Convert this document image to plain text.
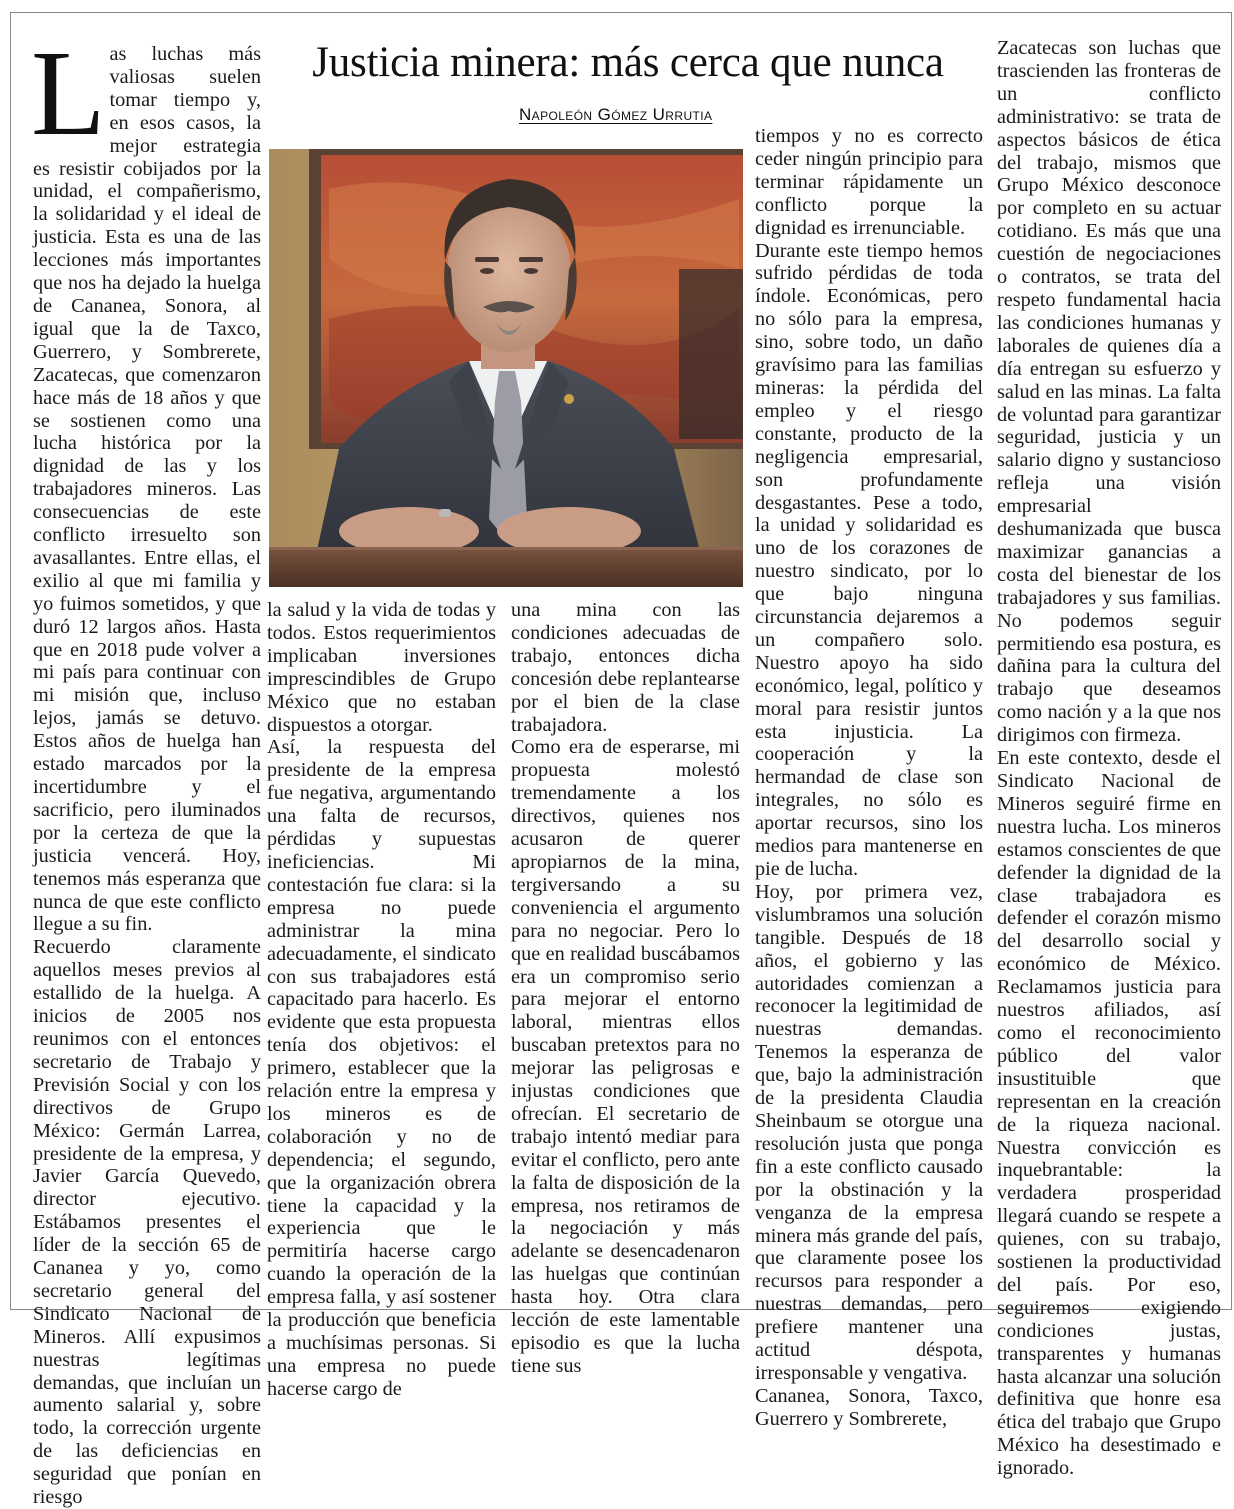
L as luchas más valiosas suelen tomar tiempo y, en esos casos, la mejor estrategia es resistir cobijados por la unidad, el compañerismo, la solidaridad y el ideal de justicia. Esta es una de las lecciones más importantes que nos ha dejado la huelga de Cananea, Sonora, al igual que la de Taxco, Guerrero, y Sombrerete, Zacatecas, que comenzaron hace más de 18 años y que se sostienen como una lucha histórica por la dignidad de las y los trabajadores mineros. Las consecuencias de este conflicto irresuelto son avasallantes. Entre ellas, el exilio al que mi familia y yo fuimos sometidos, y que duró 12 largos años. Hasta que en 2018 pude volver a mi país para continuar con mi misión que, incluso lejos, jamás se detuvo. Estos años de huelga han estado marcados por la incertidumbre y el sacrificio, pero iluminados por la certeza de que la justicia vencerá. Hoy, tenemos más esperanza que nunca de que este conflicto llegue a su fin.

Recuerdo claramente aquellos meses previos al estallido de la huelga. A inicios de 2005 nos reunimos con el entonces secretario de Trabajo y Previsión Social y con los directivos de Grupo México: Germán Larrea, presidente de la empresa, y Javier García Quevedo, director ejecutivo. Estábamos presentes el líder de la sección 65 de Cananea y yo, como secretario general del Sindicato Nacional de Mineros. Allí expusimos nuestras legítimas demandas, que incluían un aumento salarial y, sobre todo, la corrección urgente de las deficiencias en seguridad que ponían en riesgo

Justicia minera: más cerca que nunca
Napoleón Gómez Urrutia

la salud y la vida de todas y todos. Estos requerimientos implicaban inversiones imprescindibles de Grupo México que no estaban dispuestos a otorgar.

Así, la respuesta del presidente de la empresa fue negativa, argumentando una falta de recursos, pérdidas y supuestas ineficiencias. Mi contestación fue clara: si la empresa no puede administrar la mina adecuadamente, el sindicato con sus trabajadores está capacitado para hacerlo. Es evidente que esta propuesta tenía dos objetivos: el primero, establecer que la relación entre la empresa y los mineros es de colaboración y no de dependencia; el segundo, que la organización obrera tiene la capacidad y la experiencia que le permitiría hacerse cargo cuando la operación de la empresa falla, y así sostener la producción que beneficia a muchísimas personas. Si una empresa no puede hacerse cargo de

una mina con las condiciones adecuadas de trabajo, entonces dicha concesión debe replantearse por el bien de la clase trabajadora.

Como era de esperarse, mi propuesta molestó tremendamente a los directivos, quienes nos acusaron de querer apropiarnos de la mina, tergiversando a su conveniencia el argumento para no negociar. Pero lo que en realidad buscábamos era un compromiso serio para mejorar el entorno laboral, mientras ellos buscaban pretextos para no mejorar las peligrosas e injustas condiciones que ofrecían. El secretario de trabajo intentó mediar para evitar el conflicto, pero ante la falta de disposición de la empresa, nos retiramos de la negociación y más adelante se desencadenaron las huelgas que continúan hasta hoy. Otra clara lección de este lamentable episodio es que la lucha tiene sus

tiempos y no es correcto ceder ningún principio para terminar rápidamente un conflicto porque la dignidad es irrenunciable.

Durante este tiempo hemos sufrido pérdidas de toda índole. Económicas, pero no sólo para la empresa, sino, sobre todo, un daño gravísimo para las familias mineras: la pérdida del empleo y el riesgo constante, producto de la negligencia empresarial, son profundamente desgastantes. Pese a todo, la unidad y solidaridad es uno de los corazones de nuestro sindicato, por lo que bajo ninguna circunstancia dejaremos a un compañero solo. Nuestro apoyo ha sido económico, legal, político y moral para resistir juntos esta injusticia. La cooperación y la hermandad de clase son integrales, no sólo es aportar recursos, sino los medios para mantenerse en pie de lucha.

Hoy, por primera vez, vislumbramos una solución tangible. Después de 18 años, el gobierno y las autoridades comienzan a reconocer la legitimidad de nuestras demandas. Tenemos la esperanza de que, bajo la administración de la presidenta Claudia Sheinbaum se otorgue una resolución justa que ponga fin a este conflicto causado por la obstinación y la venganza de la empresa minera más grande del país, que claramente posee los recursos para responder a nuestras demandas, pero prefiere mantener una actitud déspota, irresponsable y vengativa.

Cananea, Sonora, Taxco, Guerrero y Sombrerete,

Zacatecas son luchas que trascienden las fronteras de un conflicto administrativo: se trata de aspectos básicos de ética del trabajo, mismos que Grupo México desconoce por completo en su actuar cotidiano. Es más que una cuestión de negociaciones o contratos, se trata del respeto fundamental hacia las condiciones humanas y laborales de quienes día a día entregan su esfuerzo y salud en las minas. La falta de voluntad para garantizar seguridad, justicia y un salario digno y sustancioso refleja una visión empresarial deshumanizada que busca maximizar ganancias a costa del bienestar de los trabajadores y sus familias. No podemos seguir permitiendo esa postura, es dañina para la cultura del trabajo que deseamos como nación y a la que nos dirigimos con firmeza.

En este contexto, desde el Sindicato Nacional de Mineros seguiré firme en nuestra lucha. Los mineros estamos conscientes de que defender la dignidad de la clase trabajadora es defender el corazón mismo del desarrollo social y económico de México. Reclamamos justicia para nuestros afiliados, así como el reconocimiento público del valor insustituible que representan en la creación de la riqueza nacional. Nuestra convicción es inquebrantable: la verdadera prosperidad llegará cuando se respete a quienes, con su trabajo, sostienen la productividad del país. Por eso, seguiremos exigiendo condiciones justas, transparentes y humanas hasta alcanzar una solución definitiva que honre esa ética del trabajo que Grupo México ha desestimado e ignorado.
